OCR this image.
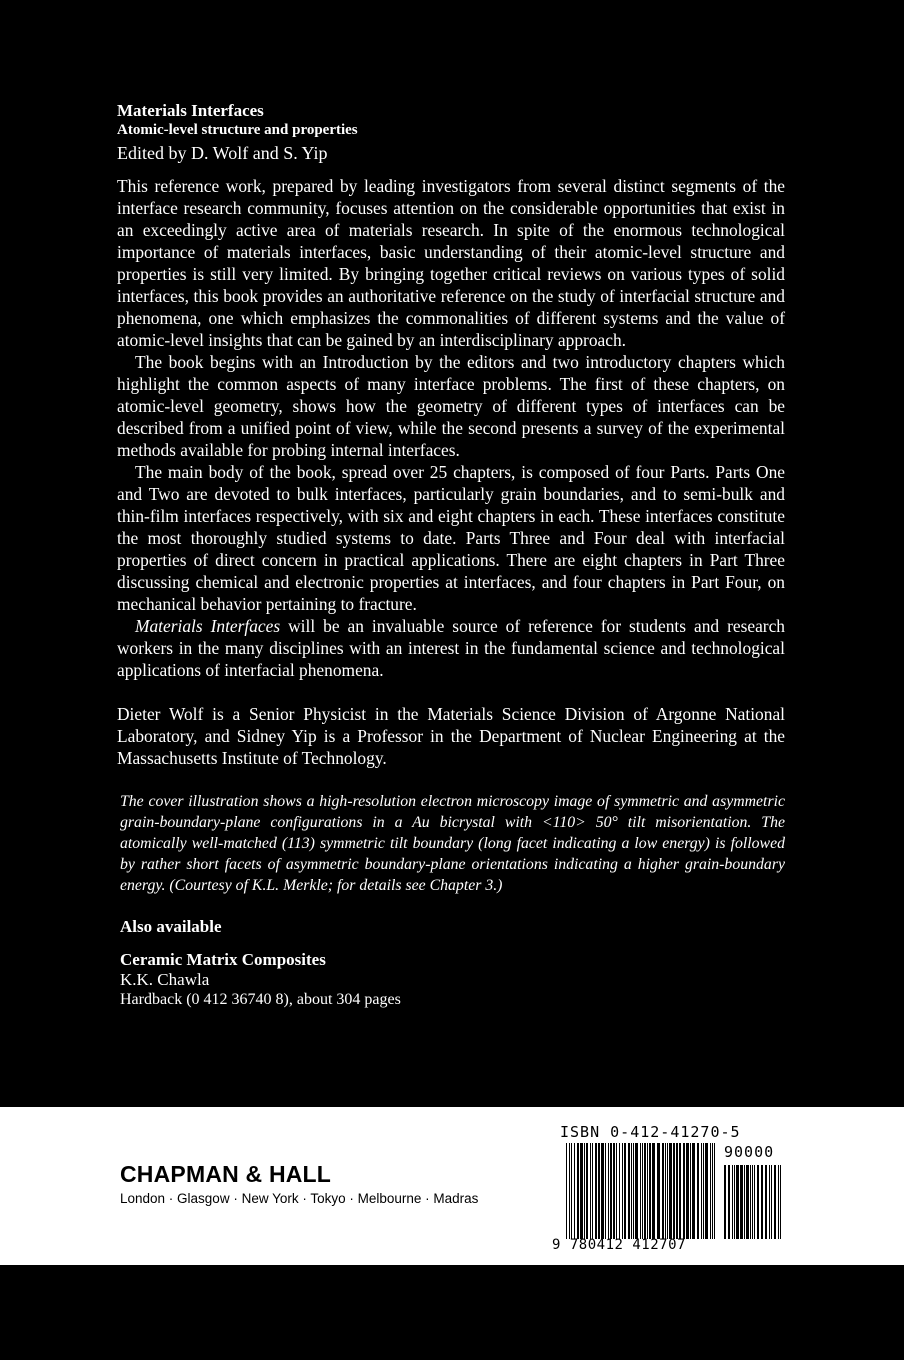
Materials Interfaces
Atomic-level structure and properties
Edited by D. Wolf and S. Yip

This reference work, prepared by leading investigators from several distinct segments of the interface research community, focuses attention on the considerable opportunities that exist in an exceedingly active area of materials research. In spite of the enormous technological importance of materials interfaces, basic understanding of their atomic-level structure and properties is still very limited. By bringing together critical reviews on various types of solid interfaces, this book provides an authoritative reference on the study of interfacial structure and phenomena, one which emphasizes the commonalities of different systems and the value of atomic-level insights that can be gained by an interdisciplinary approach.

The book begins with an Introduction by the editors and two introductory chapters which highlight the common aspects of many interface problems. The first of these chapters, on atomic-level geometry, shows how the geometry of different types of interfaces can be described from a unified point of view, while the second presents a survey of the experimental methods available for probing internal interfaces.

The main body of the book, spread over 25 chapters, is composed of four Parts. Parts One and Two are devoted to bulk interfaces, particularly grain boundaries, and to semi-bulk and thin-film interfaces respectively, with six and eight chapters in each. These interfaces constitute the most thoroughly studied systems to date. Parts Three and Four deal with interfacial properties of direct concern in practical applications. There are eight chapters in Part Three discussing chemical and electronic properties at interfaces, and four chapters in Part Four, on mechanical behavior pertaining to fracture.

Materials Interfaces will be an invaluable source of reference for students and research workers in the many disciplines with an interest in the fundamental science and technological applications of interfacial phenomena.

Dieter Wolf is a Senior Physicist in the Materials Science Division of Argonne National Laboratory, and Sidney Yip is a Professor in the Department of Nuclear Engineering at the Massachusetts Institute of Technology.

The cover illustration shows a high-resolution electron microscopy image of symmetric and asymmetric grain-boundary-plane configurations in a Au bicrystal with <110> 50° tilt misorientation. The atomically well-matched (113) symmetric tilt boundary (long facet indicating a low energy) is followed by rather short facets of asymmetric boundary-plane orientations indicating a higher grain-boundary energy. (Courtesy of K.L. Merkle; for details see Chapter 3.)

Also available
Ceramic Matrix Composites
K.K. Chawla
Hardback (0 412 36740 8), about 304 pages
CHAPMAN & HALL
London · Glasgow · New York · Tokyo · Melbourne · Madras
ISBN 0-412-41270-5
90000
9 780412 412707
